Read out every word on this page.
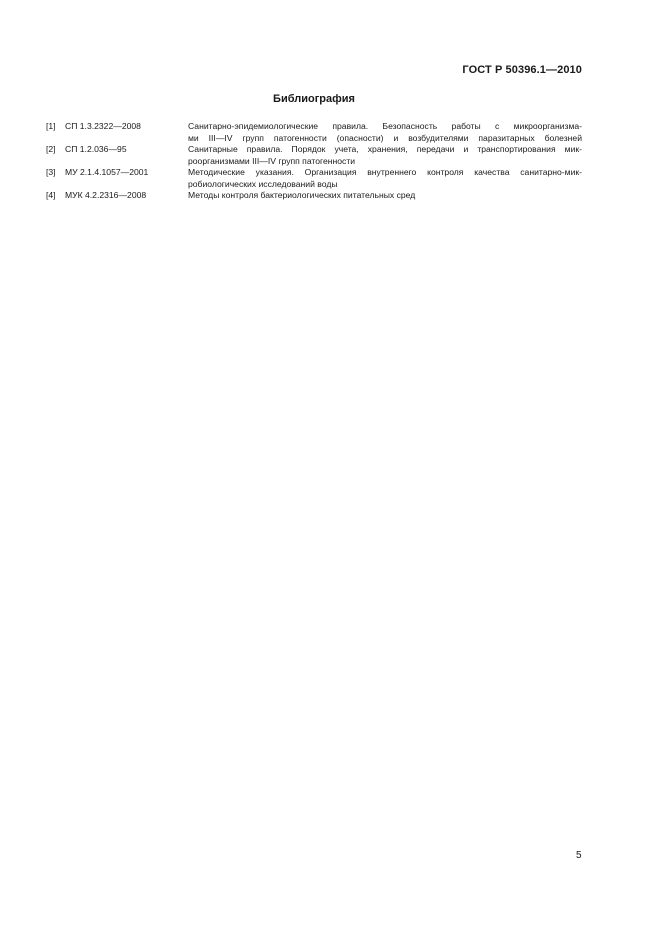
ГОСТ Р 50396.1—2010
Библиография
[1]	СП 1.3.2322—2008	Санитарно-эпидемиологические правила. Безопасность работы с микроорганизма-
ми III—IV групп патогенности (опасности) и возбудителями паразитарных болезней
[2]	СП 1.2.036—95	Санитарные правила. Порядок учета, хранения, передачи и транспортирования мик-
роорганизмами III—IV групп патогенности
[3]	МУ 2.1.4.1057—2001	Методические указания. Организация внутреннего контроля качества санитарно-мик-
робиологических исследований воды
[4]	МУК 4.2.2316—2008	Методы контроля бактериологических питательных сред
5
